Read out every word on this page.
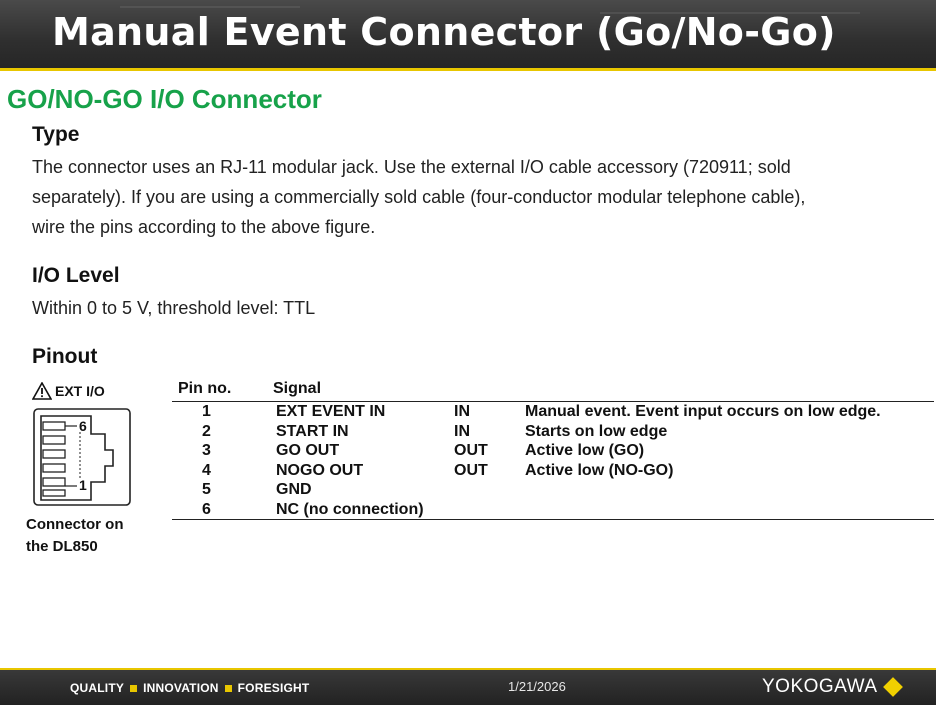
Manual Event Connector (Go/No-Go)
GO/NO-GO I/O Connector
Type

The connector uses an RJ-11 modular jack. Use the external I/O cable accessory (720911; sold
separately). If you are using a commercially sold cable (four-conductor modular telephone cable),
wire the pins according to the above figure.

I/O Level

Within 0 to 5 V, threshold level: TTL

Pinout
EXT I/O
6
1
Connector on
the DL850
Pin no.	Signal
1	EXT EVENT IN	IN	Manual event. Event input occurs on low edge.
2	START IN	IN	Starts on low edge
3	GO OUT	OUT Active low (GO)
4	NOGO OUT	OUT Active low (NO-GO)
5	GND
6	NC (no connection)
QUALITY INNOVATION FORESIGHT	1/21/2026	YOKOGAWA
